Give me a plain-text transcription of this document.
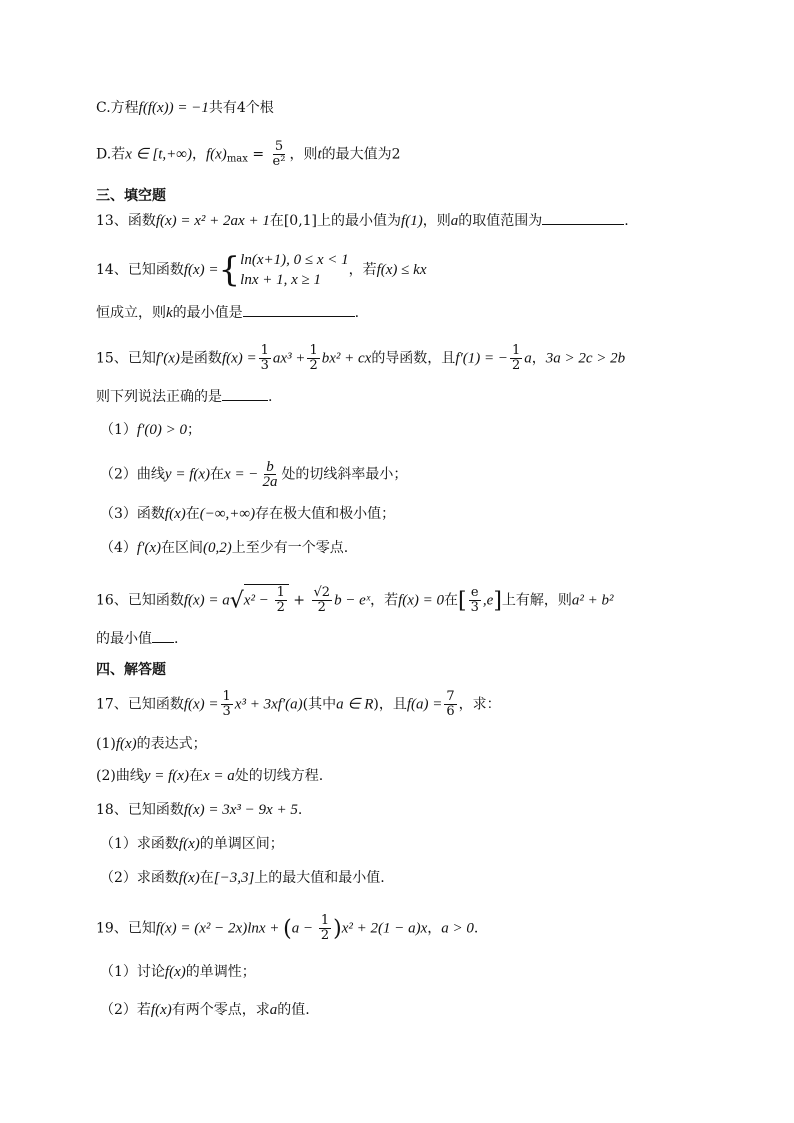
C.方程f(f(x)) = −1共有4个根
D.若x ∈ [t,+∞)，$f(x)_{max} = \frac{5}{\text{e²}}$ ，则t的最大值为2
三、填空题
13、函数f(x) = x² + 2ax + 1在[0,1]上的最小值为f(1)，则a的取值范围为	.
14、已知函数f(x) ={ ln(x+1), 0 ≤ x < 1
lnx + 1, x ≥ 1
，若f(x) ≤ kx
恒成立，则k的最小值是	.
15、已知f′(x)是函数$f(x) = \frac{1}{3} ax^3 + \frac{1}{2} bx^2$ + cx的导函数，且f′(1) = − $\frac{1}{2}$ a，3a > 2c > 2b
则下列说法正确的是	.
（1）f′(0) > 0；
（2）曲线y = f(x)在x = − $\frac{b}{2a}$ 处的切线斜率最小；
（3）函数f(x)在(−∞,+∞)存在极大值和极小值；
（4）f′(x)在区间(0,2)上至少有一个零点.
16、已知函数$f(x) = a√x^2 - \frac{1}{2} + \frac{√2}{2}$ b − eˣ，若f(x) = 0在[ $\frac{e}{3} ,e$]上有解，则a² + b²
的最小值 .
四、解答题
17、已知函数$f(x) = \frac{1}{3} x^3 + 3xf'(a)$(其中a ∈ R)，且$f(a) = \frac{7}{6}$ ，求：
(1)f(x)的表达式；
(2)曲线y = f(x)在x = a处的切线方程.
18、已知函数f(x) = 3x³ − 9x + 5.
（1）求函数f(x)的单调区间；
（2）求函数f(x)在[−3,3]上的最大值和最小值.
19、已知$f(x) = (x^2 - 2x)\ln x + (a - \frac{1}{2} )x^2 + 2(1 - a)x$，a > 0.
（1）讨论f(x)的单调性；
（2）若f(x)有两个零点，求a的值.
